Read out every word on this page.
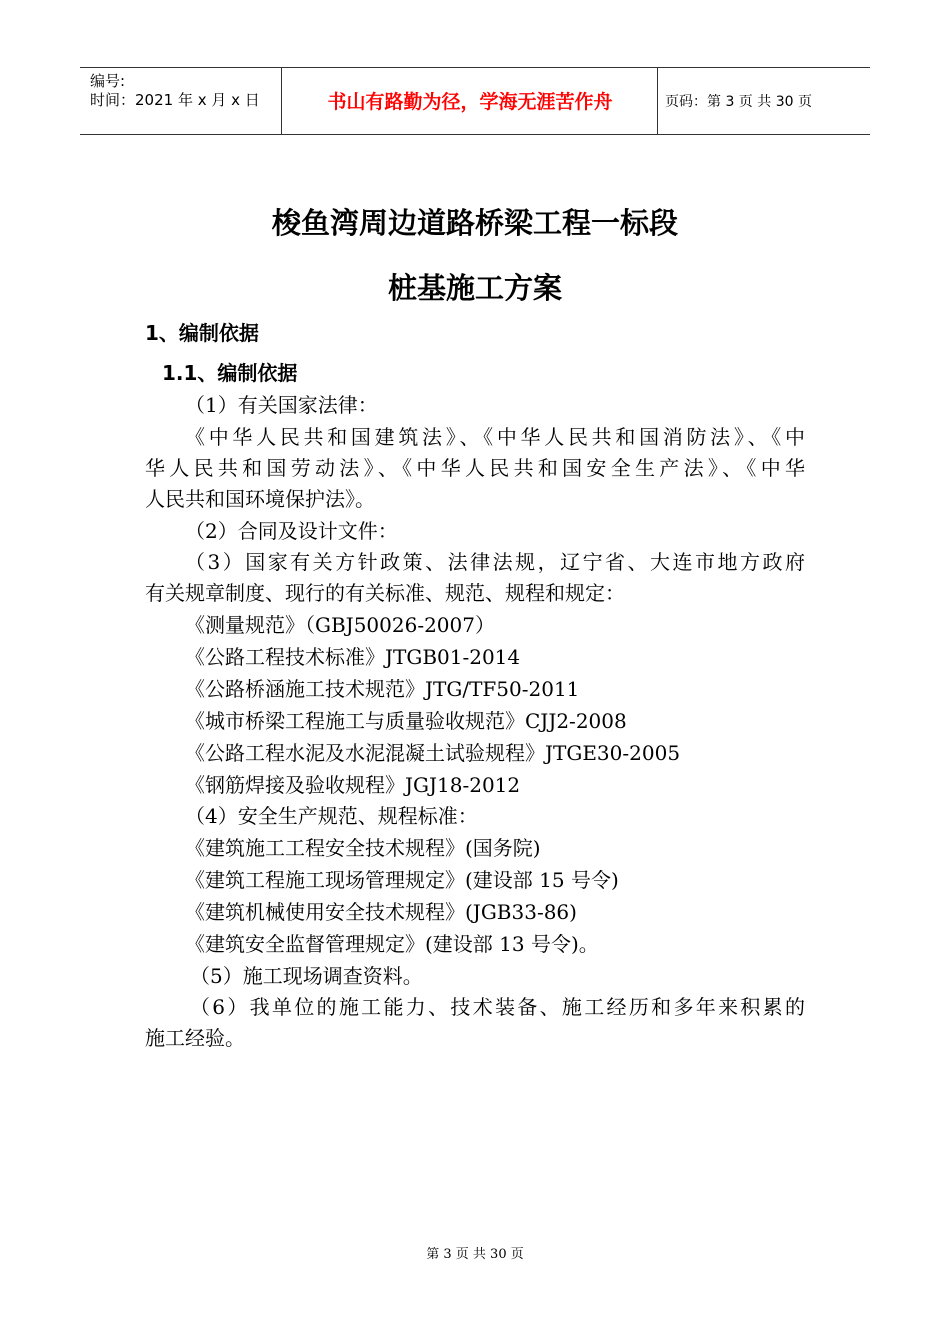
编号:
时间：2021 年 x 月 x 日	书山有路勤为径，学海无涯苦作舟	页码：第 3 页 共 30 页
梭鱼湾周边道路桥梁工程一标段
桩基施工方案
1、编制依据
1.1、编制依据
（1）有关国家法律：
《中华人民共和国建筑法》、《中华人民共和国消防法》、《中
华人民共和国劳动法》、《中华人民共和国安全生产法》、《中华
人民共和国环境保护法》。
（2）合同及设计文件：
（3）国家有关方针政策、法律法规，辽宁省、大连市地方政府
有关规章制度、现行的有关标准、规范、规程和规定：
《测量规范》（GBJ50026-2007）
《公路工程技术标准》JTGB01-2014
《公路桥涵施工技术规范》JTG/TF50-2011
《城市桥梁工程施工与质量验收规范》CJJ2-2008
《公路工程水泥及水泥混凝土试验规程》JTGE30-2005
《钢筋焊接及验收规程》JGJ18-2012
（4）安全生产规范、规程标准：
《建筑施工工程安全技术规程》(国务院)
《建筑工程施工现场管理规定》(建设部 15 号令)
《建筑机械使用安全技术规程》(JGB33-86)
《建筑安全监督管理规定》(建设部 13 号令)。
（5）施工现场调查资料。
（6）我单位的施工能力、技术装备、施工经历和多年来积累的
施工经验。
第 3 页 共 30 页
